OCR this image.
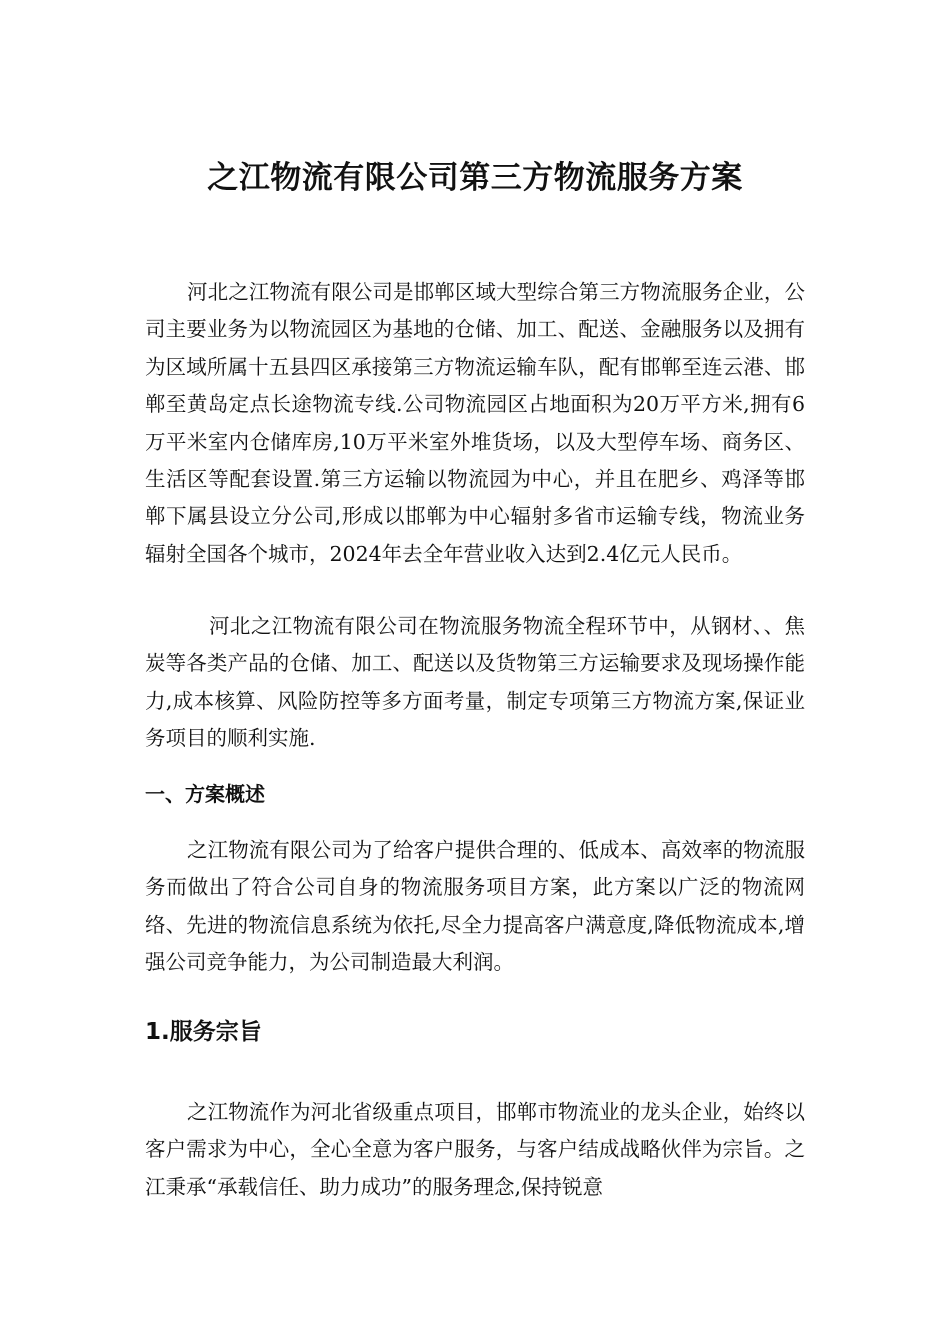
之江物流有限公司第三方物流服务方案

河北之江物流有限公司是邯郸区域大型综合第三方物流服务企业，公司主要业务为以物流园区为基地的仓储、加工、配送、金融服务以及拥有为区域所属十五县四区承接第三方物流运输车队，配有邯郸至连云港、邯郸至黄岛定点长途物流专线.公司物流园区占地面积为20万平方米,拥有6万平米室内仓储库房,10万平米室外堆货场，以及大型停车场、商务区、生活区等配套设置.第三方运输以物流园为中心，并且在肥乡、鸡泽等邯郸下属县设立分公司,形成以邯郸为中心辐射多省市运输专线，物流业务辐射全国各个城市，2024年去全年营业收入达到2.4亿元人民币。

河北之江物流有限公司在物流服务物流全程环节中，从钢材、、焦炭等各类产品的仓储、加工、配送以及货物第三方运输要求及现场操作能力,成本核算、风险防控等多方面考量，制定专项第三方物流方案,保证业务项目的顺利实施.

一、方案概述

之江物流有限公司为了给客户提供合理的、低成本、高效率的物流服务而做出了符合公司自身的物流服务项目方案，此方案以广泛的物流网络、先进的物流信息系统为依托,尽全力提高客户满意度,降低物流成本,增强公司竞争能力，为公司制造最大利润。

1.服务宗旨

之江物流作为河北省级重点项目，邯郸市物流业的龙头企业，始终以客户需求为中心，全心全意为客户服务，与客户结成战略伙伴为宗旨。之江秉承“承载信任、助力成功”的服务理念,保持锐意
